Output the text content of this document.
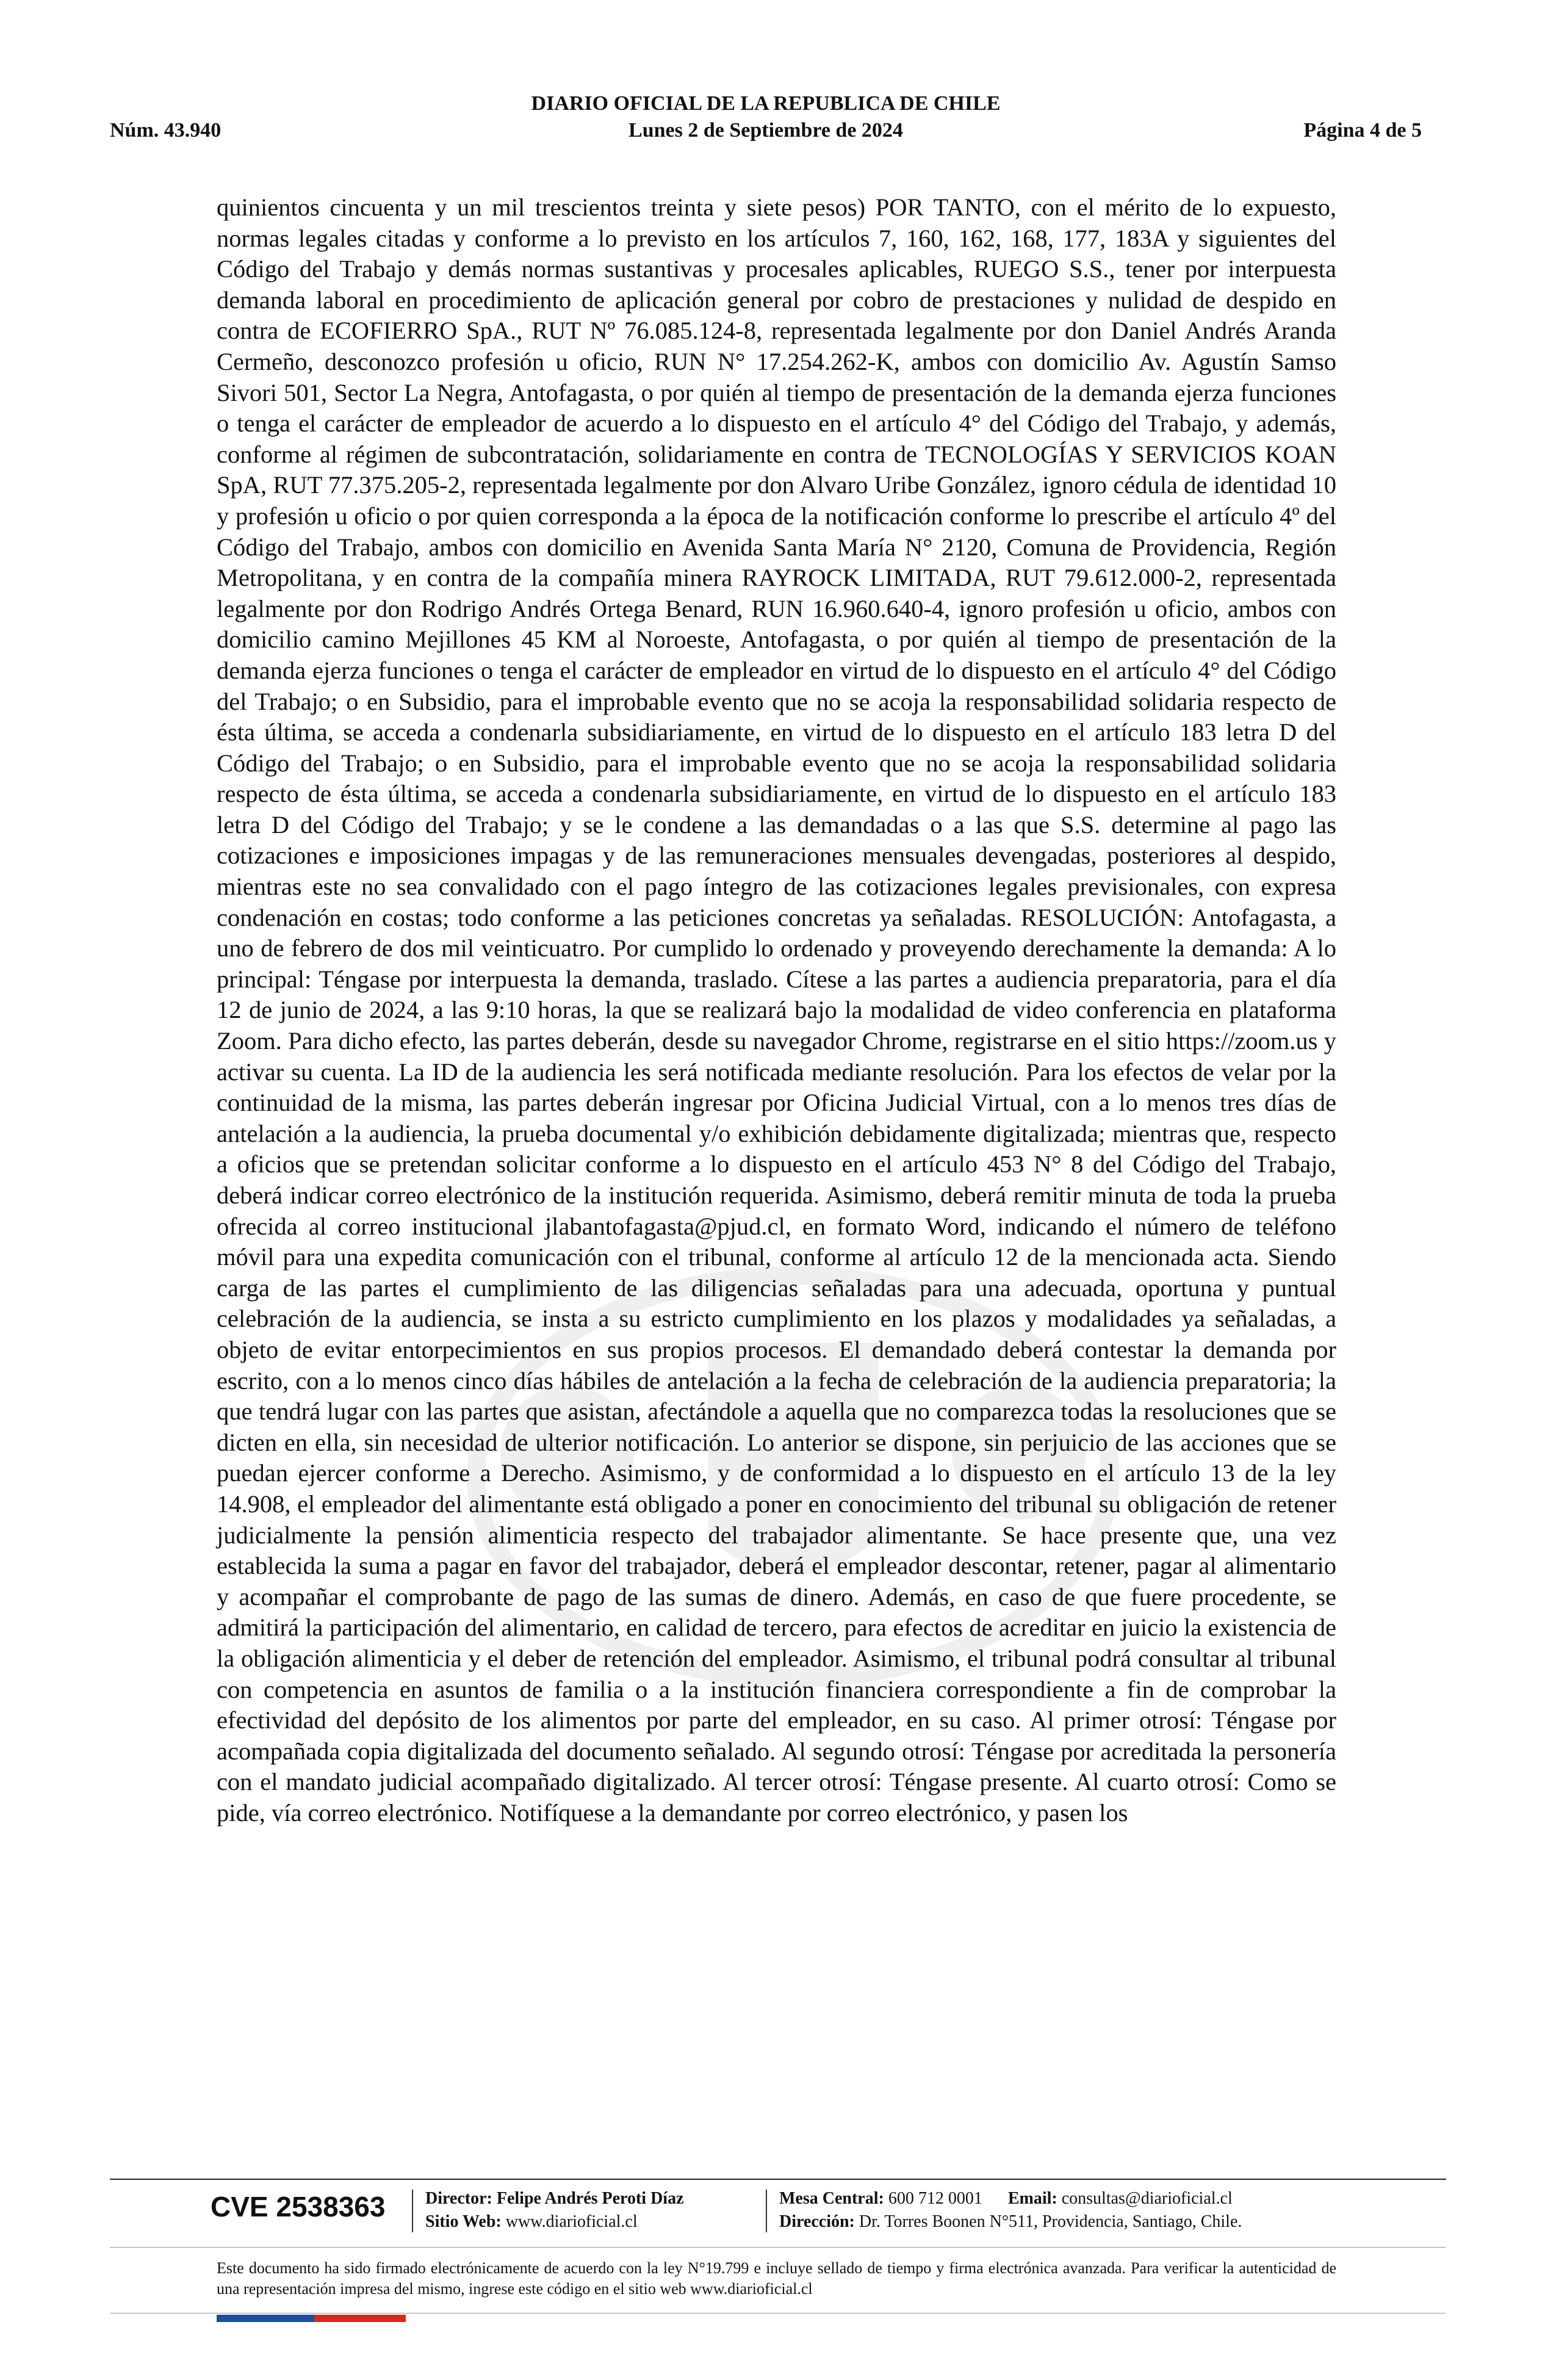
DIARIO OFICIAL DE LA REPUBLICA DE CHILE
Núm. 43.940	Lunes 2 de Septiembre de 2024	Página 4 de 5
quinientos cincuenta y un mil trescientos treinta y siete pesos) POR TANTO, con el mérito de lo expuesto, normas legales citadas y conforme a lo previsto en los artículos 7, 160, 162, 168, 177, 183A y siguientes del Código del Trabajo y demás normas sustantivas y procesales aplicables, RUEGO S.S., tener por interpuesta demanda laboral en procedimiento de aplicación general por cobro de prestaciones y nulidad de despido en contra de ECOFIERRO SpA., RUT Nº 76.085.124-8, representada legalmente por don Daniel Andrés Aranda Cermeño, desconozco profesión u oficio, RUN N° 17.254.262-K, ambos con domicilio Av. Agustín Samso Sivori 501, Sector La Negra, Antofagasta, o por quién al tiempo de presentación de la demanda ejerza funciones o tenga el carácter de empleador de acuerdo a lo dispuesto en el artículo 4° del Código del Trabajo, y además, conforme al régimen de subcontratación, solidariamente en contra de TECNOLOGÍAS Y SERVICIOS KOAN SpA, RUT 77.375.205-2, representada legalmente por don Alvaro Uribe González, ignoro cédula de identidad 10 y profesión u oficio o por quien corresponda a la época de la notificación conforme lo prescribe el artículo 4º del Código del Trabajo, ambos con domicilio en Avenida Santa María N° 2120, Comuna de Providencia, Región Metropolitana, y en contra de la compañía minera RAYROCK LIMITADA, RUT 79.612.000-2, representada legalmente por don Rodrigo Andrés Ortega Benard, RUN 16.960.640-4, ignoro profesión u oficio, ambos con domicilio camino Mejillones 45 KM al Noroeste, Antofagasta, o por quién al tiempo de presentación de la demanda ejerza funciones o tenga el carácter de empleador en virtud de lo dispuesto en el artículo 4° del Código del Trabajo; o en Subsidio, para el improbable evento que no se acoja la responsabilidad solidaria respecto de ésta última, se acceda a condenarla subsidiariamente, en virtud de lo dispuesto en el artículo 183 letra D del Código del Trabajo; o en Subsidio, para el improbable evento que no se acoja la responsabilidad solidaria respecto de ésta última, se acceda a condenarla subsidiariamente, en virtud de lo dispuesto en el artículo 183 letra D del Código del Trabajo; y se le condene a las demandadas o a las que S.S. determine al pago las cotizaciones e imposiciones impagas y de las remuneraciones mensuales devengadas, posteriores al despido, mientras este no sea convalidado con el pago íntegro de las cotizaciones legales previsionales, con expresa condenación en costas; todo conforme a las peticiones concretas ya señaladas. RESOLUCIÓN: Antofagasta, a uno de febrero de dos mil veinticuatro. Por cumplido lo ordenado y proveyendo derechamente la demanda: A lo principal: Téngase por interpuesta la demanda, traslado. Cítese a las partes a audiencia preparatoria, para el día 12 de junio de 2024, a las 9:10 horas, la que se realizará bajo la modalidad de video conferencia en plataforma Zoom. Para dicho efecto, las partes deberán, desde su navegador Chrome, registrarse en el sitio https://zoom.us y activar su cuenta. La ID de la audiencia les será notificada mediante resolución. Para los efectos de velar por la continuidad de la misma, las partes deberán ingresar por Oficina Judicial Virtual, con a lo menos tres días de antelación a la audiencia, la prueba documental y/o exhibición debidamente digitalizada; mientras que, respecto a oficios que se pretendan solicitar conforme a lo dispuesto en el artículo 453 N° 8 del Código del Trabajo, deberá indicar correo electrónico de la institución requerida. Asimismo, deberá remitir minuta de toda la prueba ofrecida al correo institucional jlabantofagasta@pjud.cl, en formato Word, indicando el número de teléfono móvil para una expedita comunicación con el tribunal, conforme al artículo 12 de la mencionada acta. Siendo carga de las partes el cumplimiento de las diligencias señaladas para una adecuada, oportuna y puntual celebración de la audiencia, se insta a su estricto cumplimiento en los plazos y modalidades ya señaladas, a objeto de evitar entorpecimientos en sus propios procesos. El demandado deberá contestar la demanda por escrito, con a lo menos cinco días hábiles de antelación a la fecha de celebración de la audiencia preparatoria; la que tendrá lugar con las partes que asistan, afectándole a aquella que no comparezca todas la resoluciones que se dicten en ella, sin necesidad de ulterior notificación. Lo anterior se dispone, sin perjuicio de las acciones que se puedan ejercer conforme a Derecho. Asimismo, y de conformidad a lo dispuesto en el artículo 13 de la ley 14.908, el empleador del alimentante está obligado a poner en conocimiento del tribunal su obligación de retener judicialmente la pensión alimenticia respecto del trabajador alimentante. Se hace presente que, una vez establecida la suma a pagar en favor del trabajador, deberá el empleador descontar, retener, pagar al alimentario y acompañar el comprobante de pago de las sumas de dinero. Además, en caso de que fuere procedente, se admitirá la participación del alimentario, en calidad de tercero, para efectos de acreditar en juicio la existencia de la obligación alimenticia y el deber de retención del empleador. Asimismo, el tribunal podrá consultar al tribunal con competencia en asuntos de familia o a la institución financiera correspondiente a fin de comprobar la efectividad del depósito de los alimentos por parte del empleador, en su caso. Al primer otrosí: Téngase por acompañada copia digitalizada del documento señalado. Al segundo otrosí: Téngase por acreditada la personería con el mandato judicial acompañado digitalizado. Al tercer otrosí: Téngase presente. Al cuarto otrosí: Como se pide, vía correo electrónico. Notifíquese a la demandante por correo electrónico, y pasen los
CVE 2538363 Director: Felipe Andrés Peroti Díaz
Sitio Web: www.diarioficial.cl
Mesa Central: 600 712 0001 Email: consultas@diarioficial.cl
Dirección: Dr. Torres Boonen N°511, Providencia, Santiago, Chile.
Este documento ha sido firmado electrónicamente de acuerdo con la ley N°19.799 e incluye sellado de tiempo y firma electrónica avanzada. Para verificar la autenticidad de una representación impresa del mismo, ingrese este código en el sitio web www.diarioficial.cl
